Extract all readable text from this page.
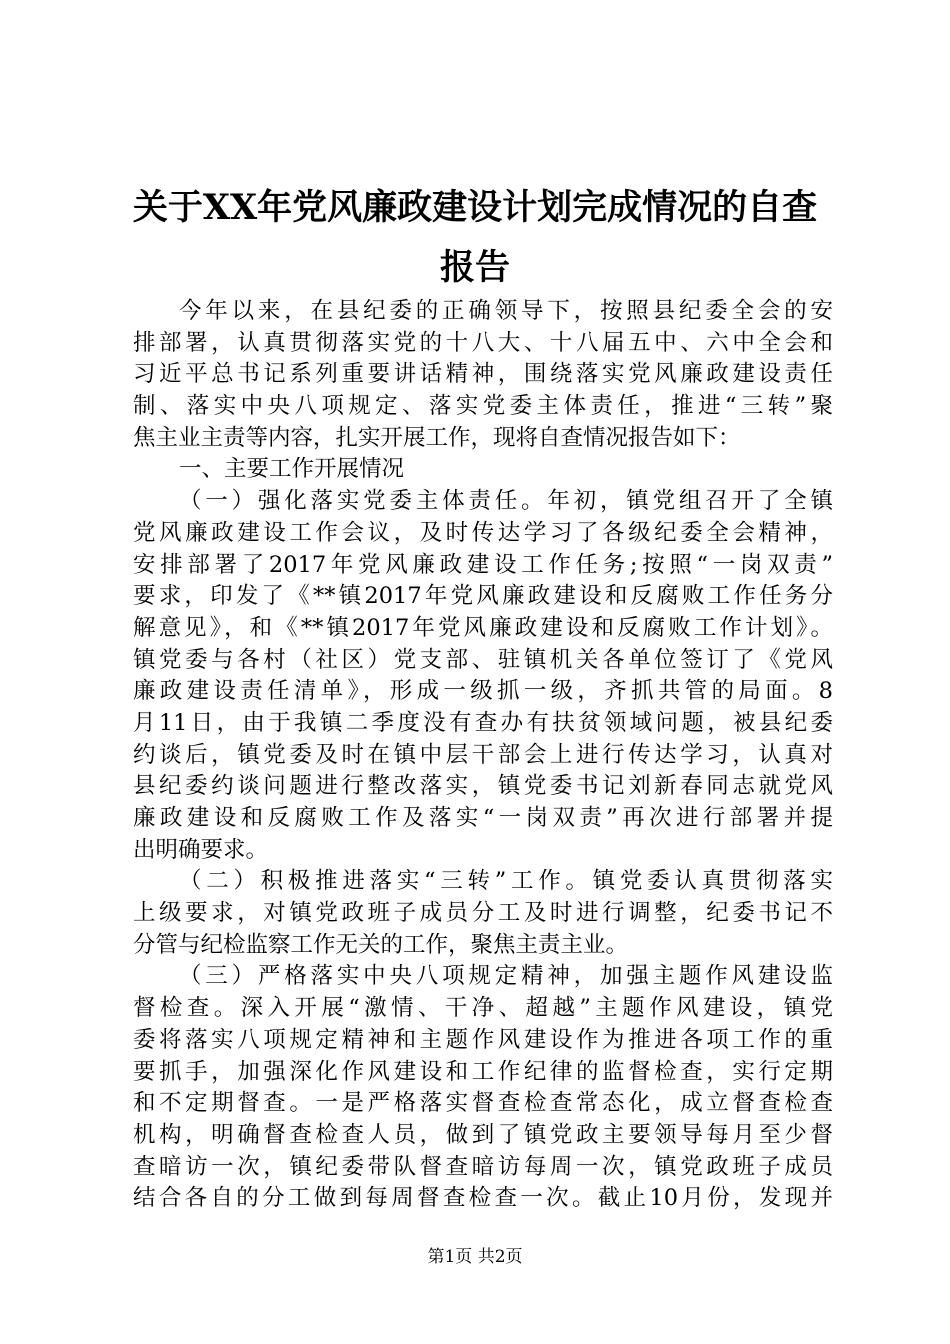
关于XX年党风廉政建设计划完成情况的自查
报告
今年以来，在县纪委的正确领导下，按照县纪委全会的安
排部署，认真贯彻落实党的十八大、十八届五中、六中全会和
习近平总书记系列重要讲话精神，围绕落实党风廉政建设责任
制、落实中央八项规定、落实党委主体责任，推进“三转”聚
焦主业主责等内容，扎实开展工作，现将自查情况报告如下：
一、主要工作开展情况
（一）强化落实党委主体责任。年初，镇党组召开了全镇
党风廉政建设工作会议，及时传达学习了各级纪委全会精神，
安排部署了2017年党风廉政建设工作任务;按照“一岗双责”
要求，印发了《**镇2017年党风廉政建设和反腐败工作任务分
解意见》，和《**镇2017年党风廉政建设和反腐败工作计划》。
镇党委与各村（社区）党支部、驻镇机关各单位签订了《党风
廉政建设责任清单》，形成一级抓一级，齐抓共管的局面。8
月11日，由于我镇二季度没有查办有扶贫领域问题，被县纪委
约谈后，镇党委及时在镇中层干部会上进行传达学习，认真对
县纪委约谈问题进行整改落实，镇党委书记刘新春同志就党风
廉政建设和反腐败工作及落实“一岗双责”再次进行部署并提
出明确要求。
（二）积极推进落实“三转”工作。镇党委认真贯彻落实
上级要求，对镇党政班子成员分工及时进行调整，纪委书记不
分管与纪检监察工作无关的工作，聚焦主责主业。
（三）严格落实中央八项规定精神，加强主题作风建设监
督检查。深入开展“激情、干净、超越”主题作风建设，镇党
委将落实八项规定精神和主题作风建设作为推进各项工作的重
要抓手，加强深化作风建设和工作纪律的监督检查，实行定期
和不定期督查。一是严格落实督查检查常态化，成立督查检查
机构，明确督查检查人员，做到了镇党政主要领导每月至少督
查暗访一次，镇纪委带队督查暗访每周一次，镇党政班子成员
结合各自的分工做到每周督查检查一次。截止10月份，发现并
第1页 共2页
